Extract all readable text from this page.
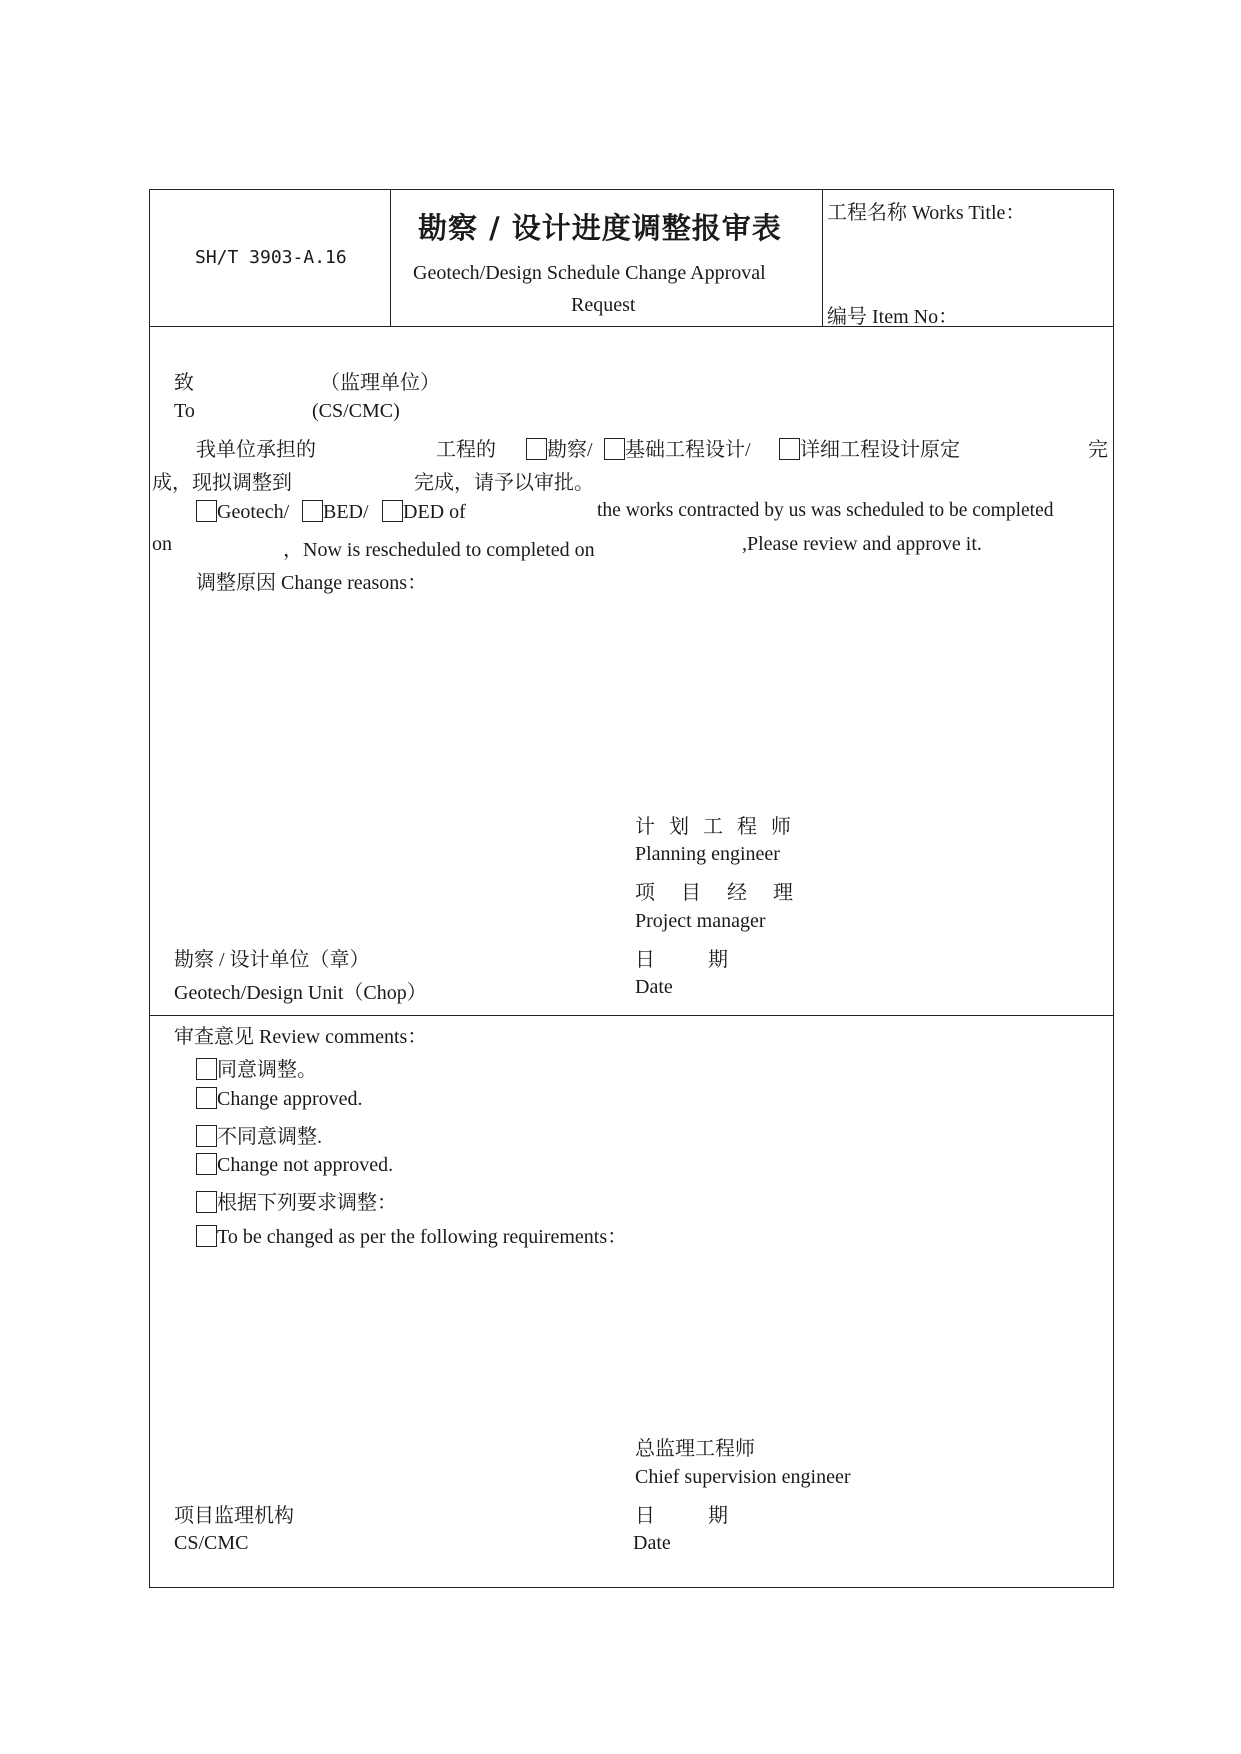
SH/T 3903-A.16
勘察 / 设计进度调整报审表
Geotech/Design Schedule Change Approval
Request
工程名称 Works Title：
编号 Item No：
致	（监理单位）
To	(CS/CMC)
我单位承担的	工程的	勘察/	基础工程设计/	详细工程设计原定	完
成，现拟调整到	完成，请予以审批。
Geotech/	BED/	DED of	the works contracted by us was scheduled to be completed
on	，Now is rescheduled to completed on	,Please review and approve it.
调整原因 Change reasons：
计划工程师
Planning engineer
项目经理
Project manager
勘察 / 设计单位（章）	日 期
Geotech/Design Unit（Chop）	Date
审查意见 Review comments：
同意调整。
Change approved.
不同意调整.
Change not approved.
根据下列要求调整：
To be changed as per the following requirements：
总监理工程师
Chief supervision engineer
项目监理机构	日 期
CS/CMC	Date
